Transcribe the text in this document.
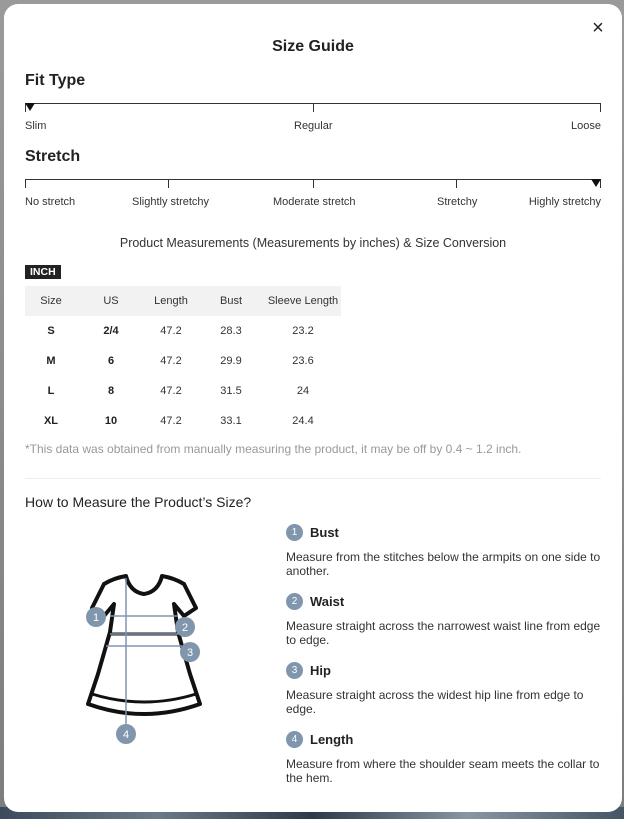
×
Size Guide
Fit Type
Slim	Regular	Loose
Stretch
No stretch	Slightly stretchy	Moderate stretch	Stretchy	Highly stretchy
Product Measurements (Measurements by inches) & Size Conversion
INCH
Size	US	Length	Bust	Sleeve Length
S	2/4	47.2	28.3	23.2
M	6	47.2	29.9	23.6
L	8	47.2	31.5	24
XL	10	47.2	33.1	24.4
*This data was obtained from manually measuring the product, it may be off by 0.4 ~ 1.2 inch.
How to Measure the Product’s Size?
1
2
3
4
1 Bust
Measure from the stitches below the armpits on one side to another.
2 Waist
Measure straight across the narrowest waist line from edge to edge.
3 Hip
Measure straight across the widest hip line from edge to edge.
4 Length
Measure from where the shoulder seam meets the collar to the hem.
